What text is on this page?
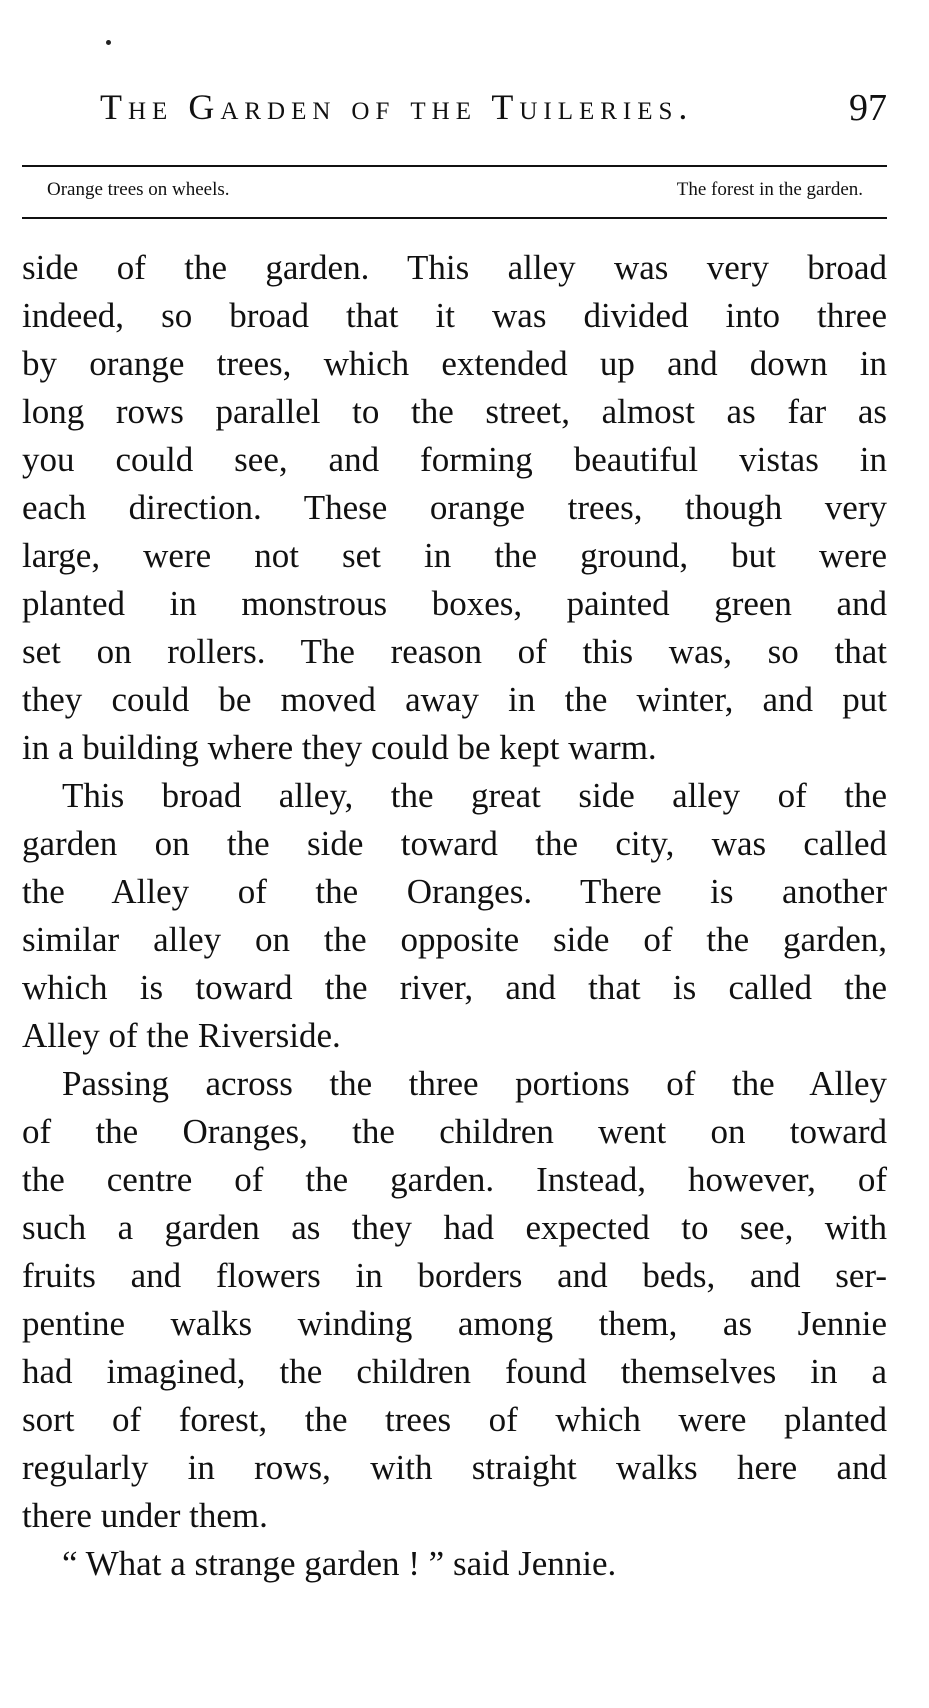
The Garden of the Tuileries.	97
Orange trees on wheels.	The forest in the garden.
side of the garden. This alley was very broad
indeed, so broad that it was divided into three
by orange trees, which extended up and down in
long rows parallel to the street, almost as far as
you could see, and forming beautiful vistas in
each direction. These orange trees, though very
large, were not set in the ground, but were
planted in monstrous boxes, painted green and
set on rollers. The reason of this was, so that
they could be moved away in the winter, and put
in a building where they could be kept warm.
This broad alley, the great side alley of the
garden on the side toward the city, was called
the Alley of the Oranges. There is another
similar alley on the opposite side of the garden,
which is toward the river, and that is called the
Alley of the Riverside.
Passing across the three portions of the Alley
of the Oranges, the children went on toward
the centre of the garden. Instead, however, of
such a garden as they had expected to see, with
fruits and flowers in borders and beds, and ser-
pentine walks winding among them, as Jennie
had imagined, the children found themselves in a
sort of forest, the trees of which were planted
regularly in rows, with straight walks here and
there under them.
“ What a strange garden ! ” said Jennie.
